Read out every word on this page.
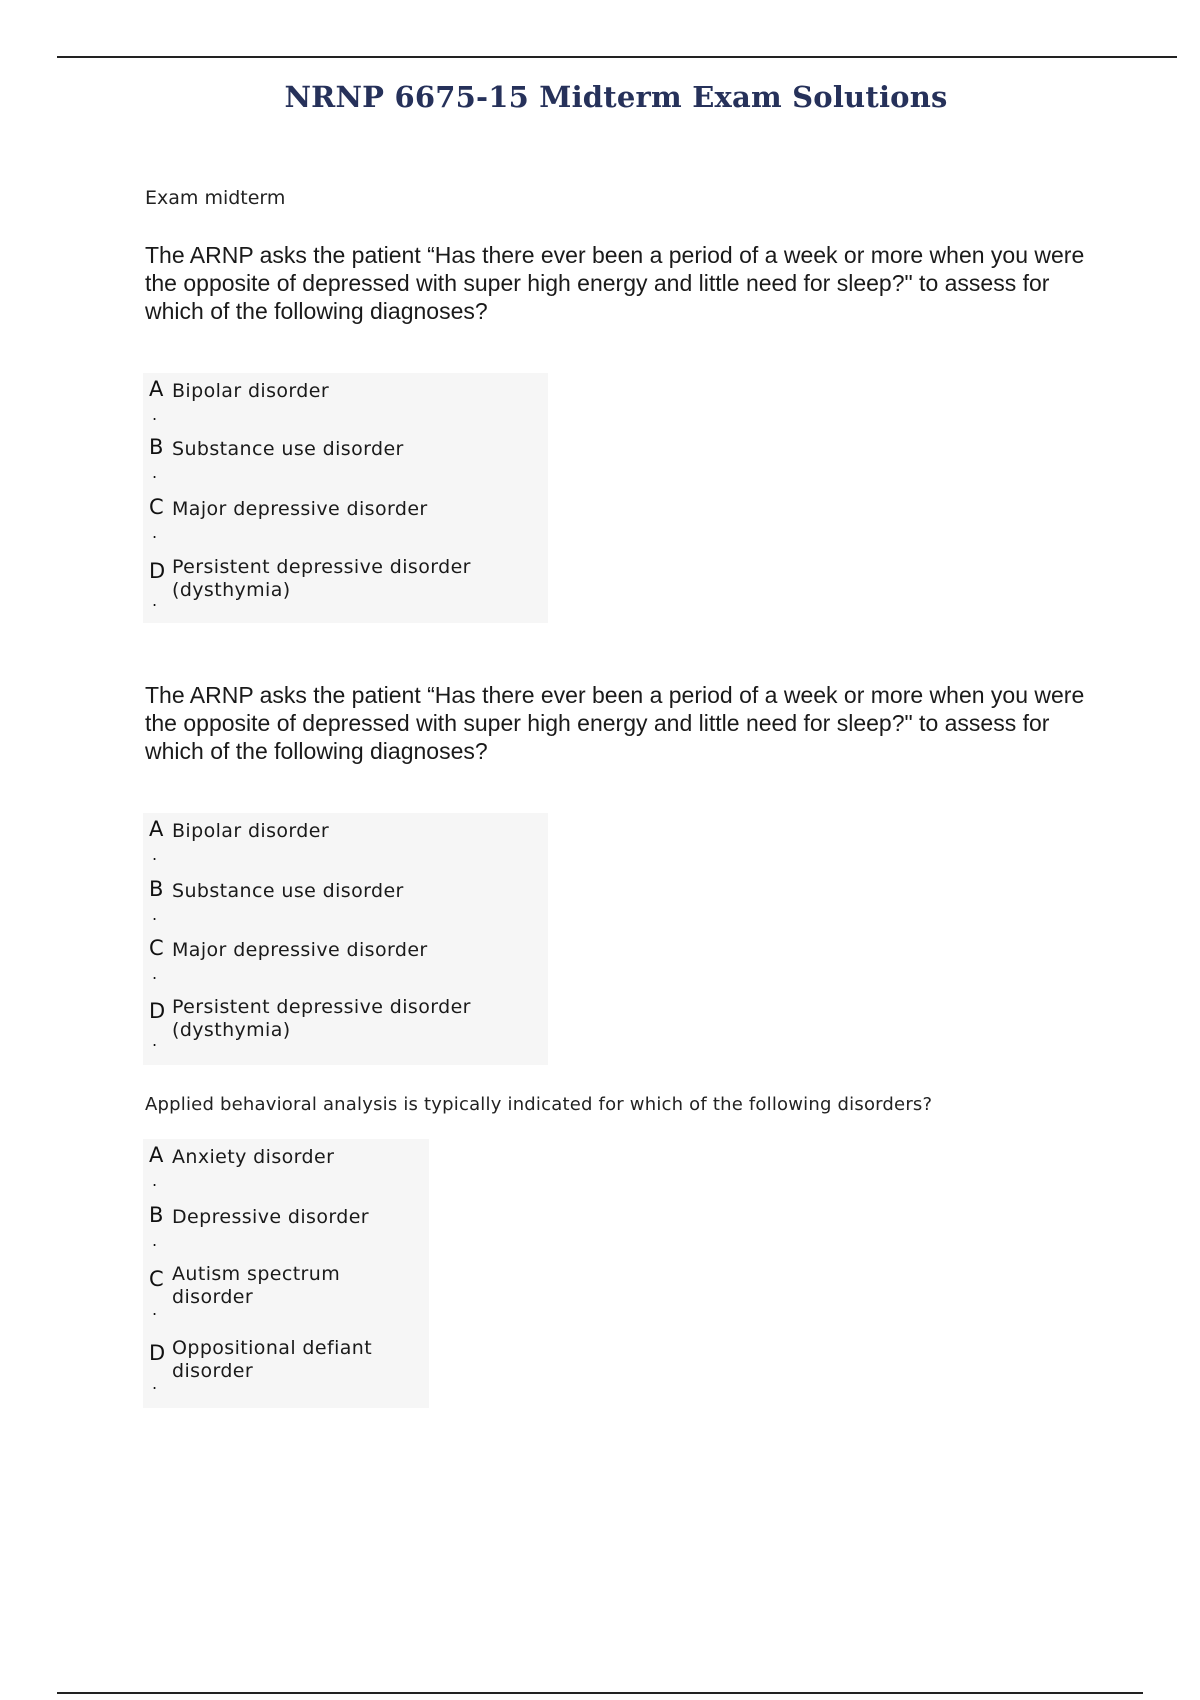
NRNP 6675-15 Midterm Exam Solutions

Exam midterm

The ARNP asks the patient “Has there ever been a period of a week or more when you were the opposite of depressed with super high energy and little need for sleep?" to assess for which of the following diagnoses?

A Bipolar disorder
.
B Substance use disorder
.
C Major depressive disorder
.
D Persistent depressive disorder (dysthymia)
.

The ARNP asks the patient “Has there ever been a period of a week or more when you were the opposite of depressed with super high energy and little need for sleep?" to assess for which of the following diagnoses?

A Bipolar disorder
.
B Substance use disorder
.
C Major depressive disorder
.
D Persistent depressive disorder (dysthymia)
.

Applied behavioral analysis is typically indicated for which of the following disorders?

A Anxiety disorder
.
B Depressive disorder
.
C Autism spectrum disorder
.
D Oppositional defiant disorder
.
